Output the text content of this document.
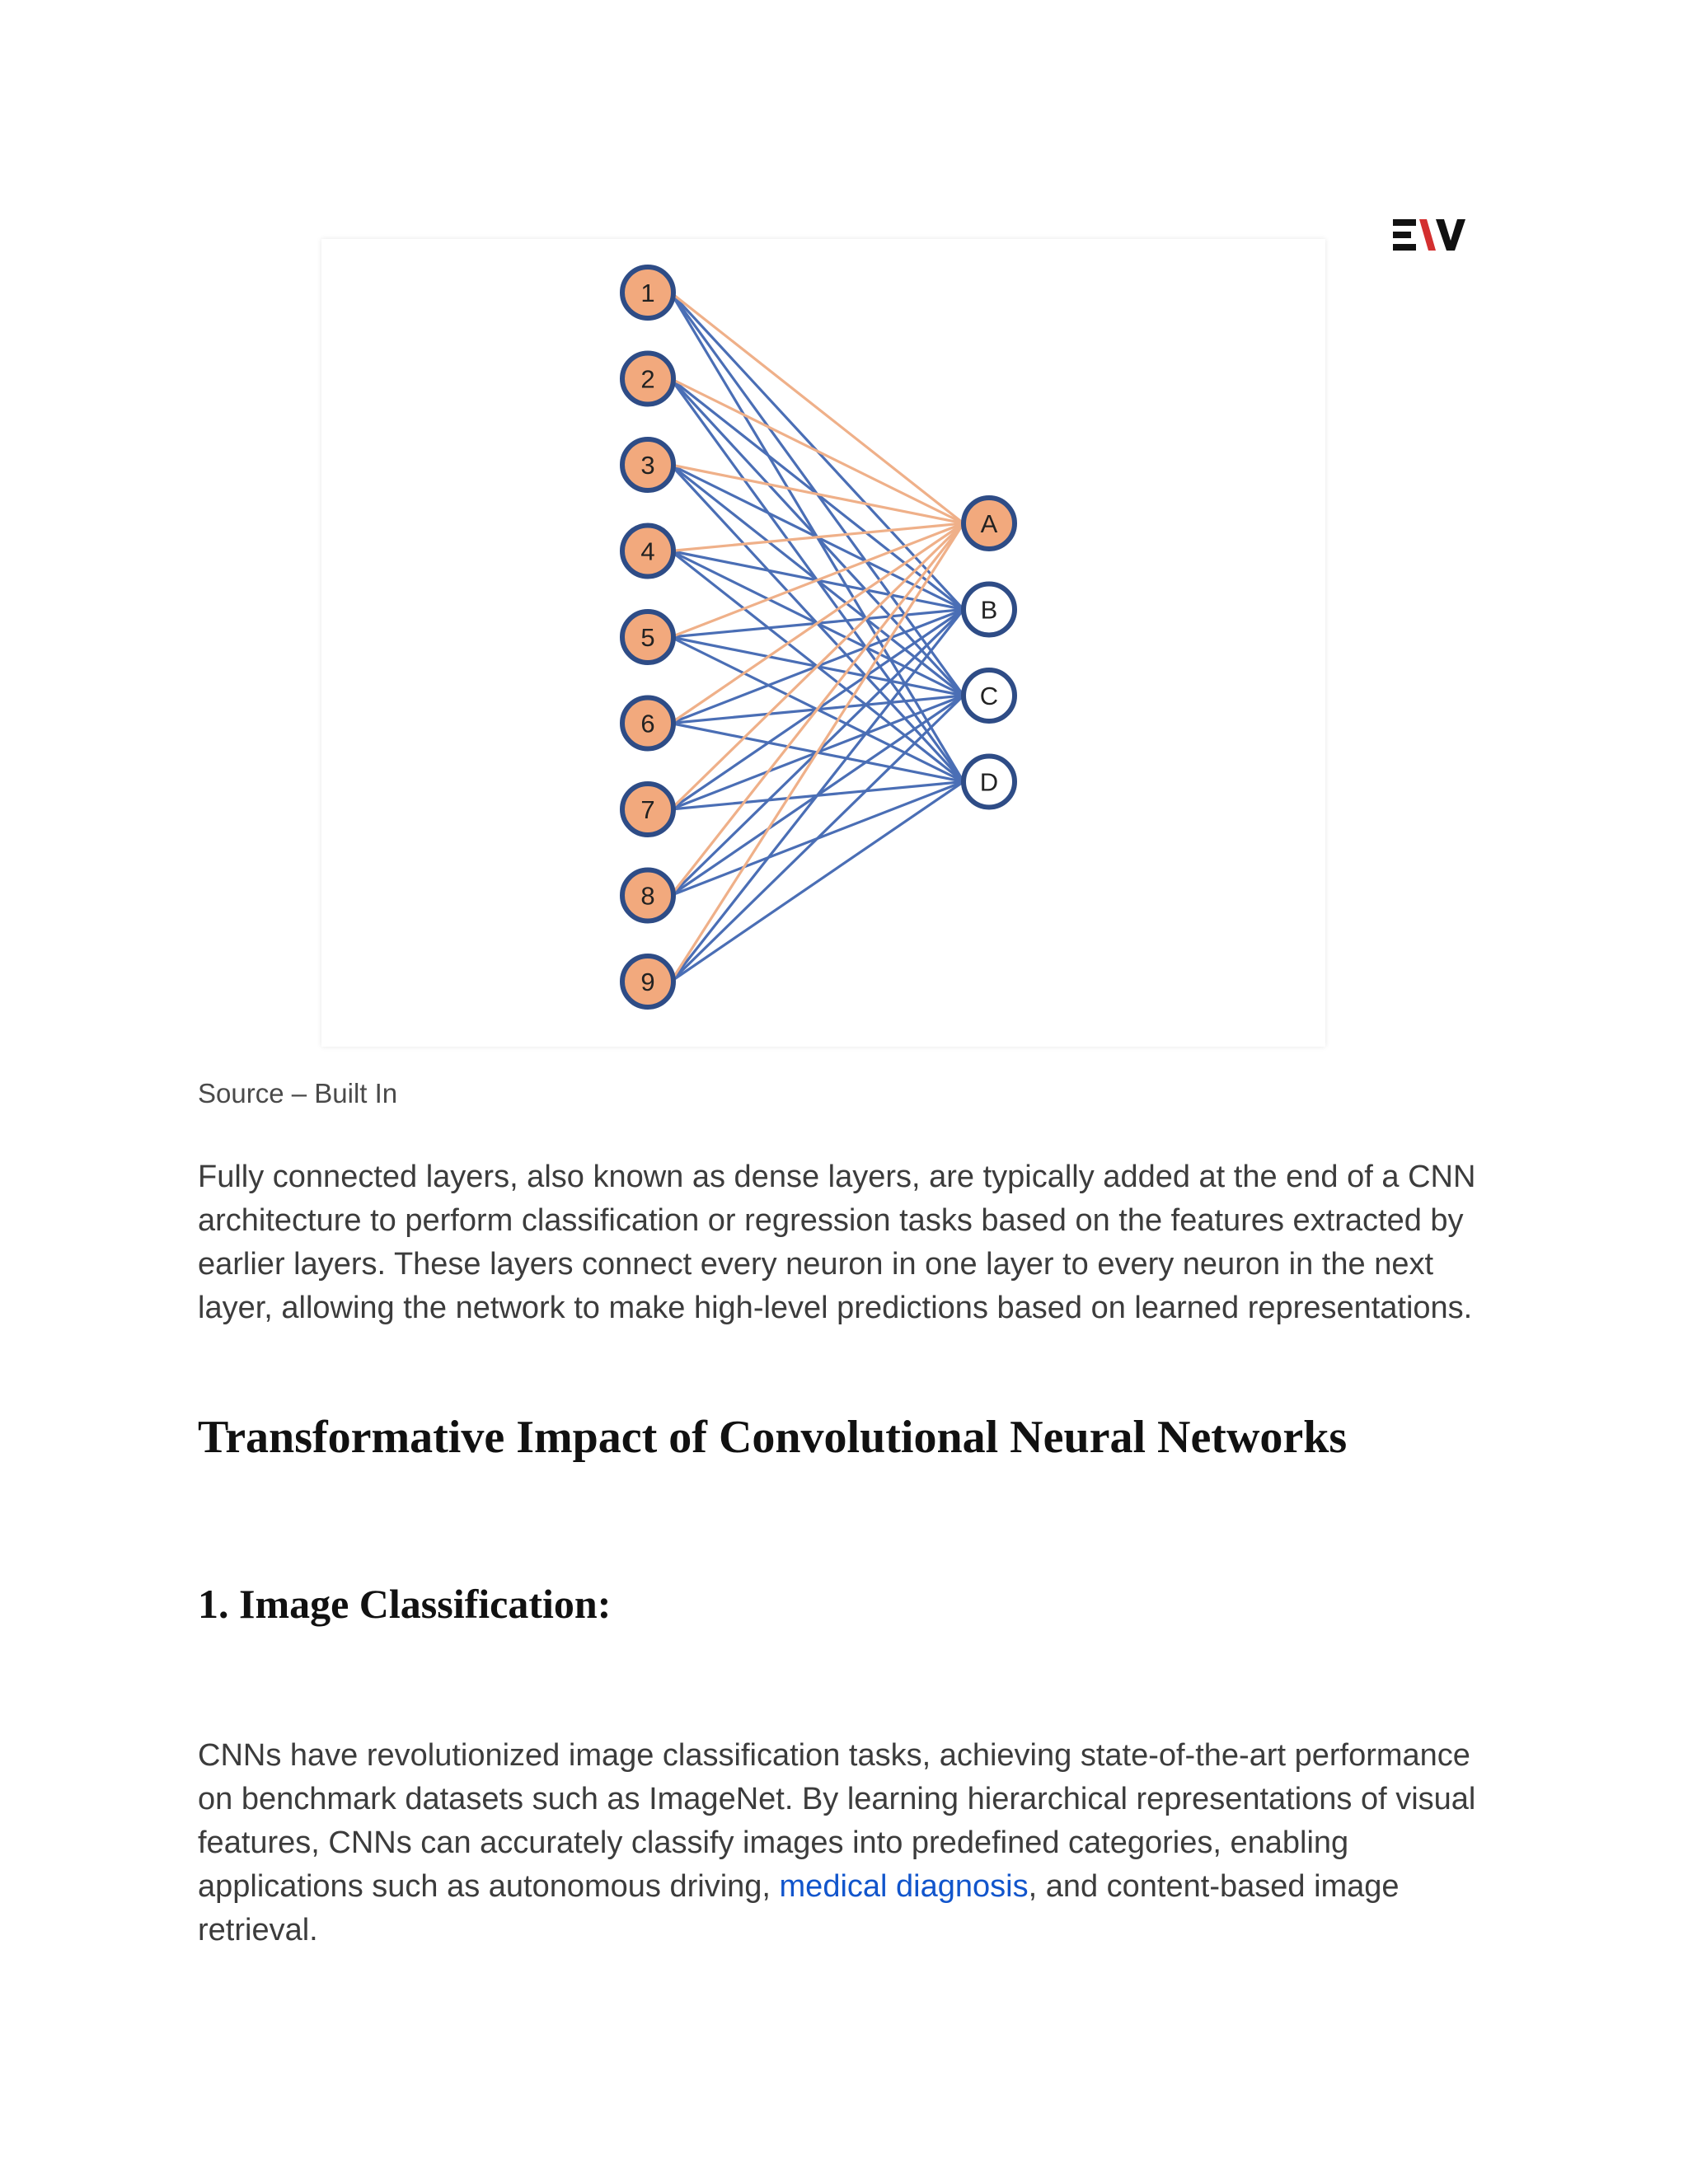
1
2
3
4
5
6
7
8
9
A
B
C
D
Source – Built In

Fully connected layers, also known as dense layers, are typically added at the end of a CNN architecture to perform classification or regression tasks based on the features extracted by earlier layers. These layers connect every neuron in one layer to every neuron in the next layer, allowing the network to make high-level predictions based on learned representations.

Transformative Impact of Convolutional Neural Networks
1. Image Classification:

CNNs have revolutionized image classification tasks, achieving state-of-the-art performance on benchmark datasets such as ImageNet. By learning hierarchical representations of visual features, CNNs can accurately classify images into predefined categories, enabling applications such as autonomous driving, medical diagnosis, and content-based image retrieval.
